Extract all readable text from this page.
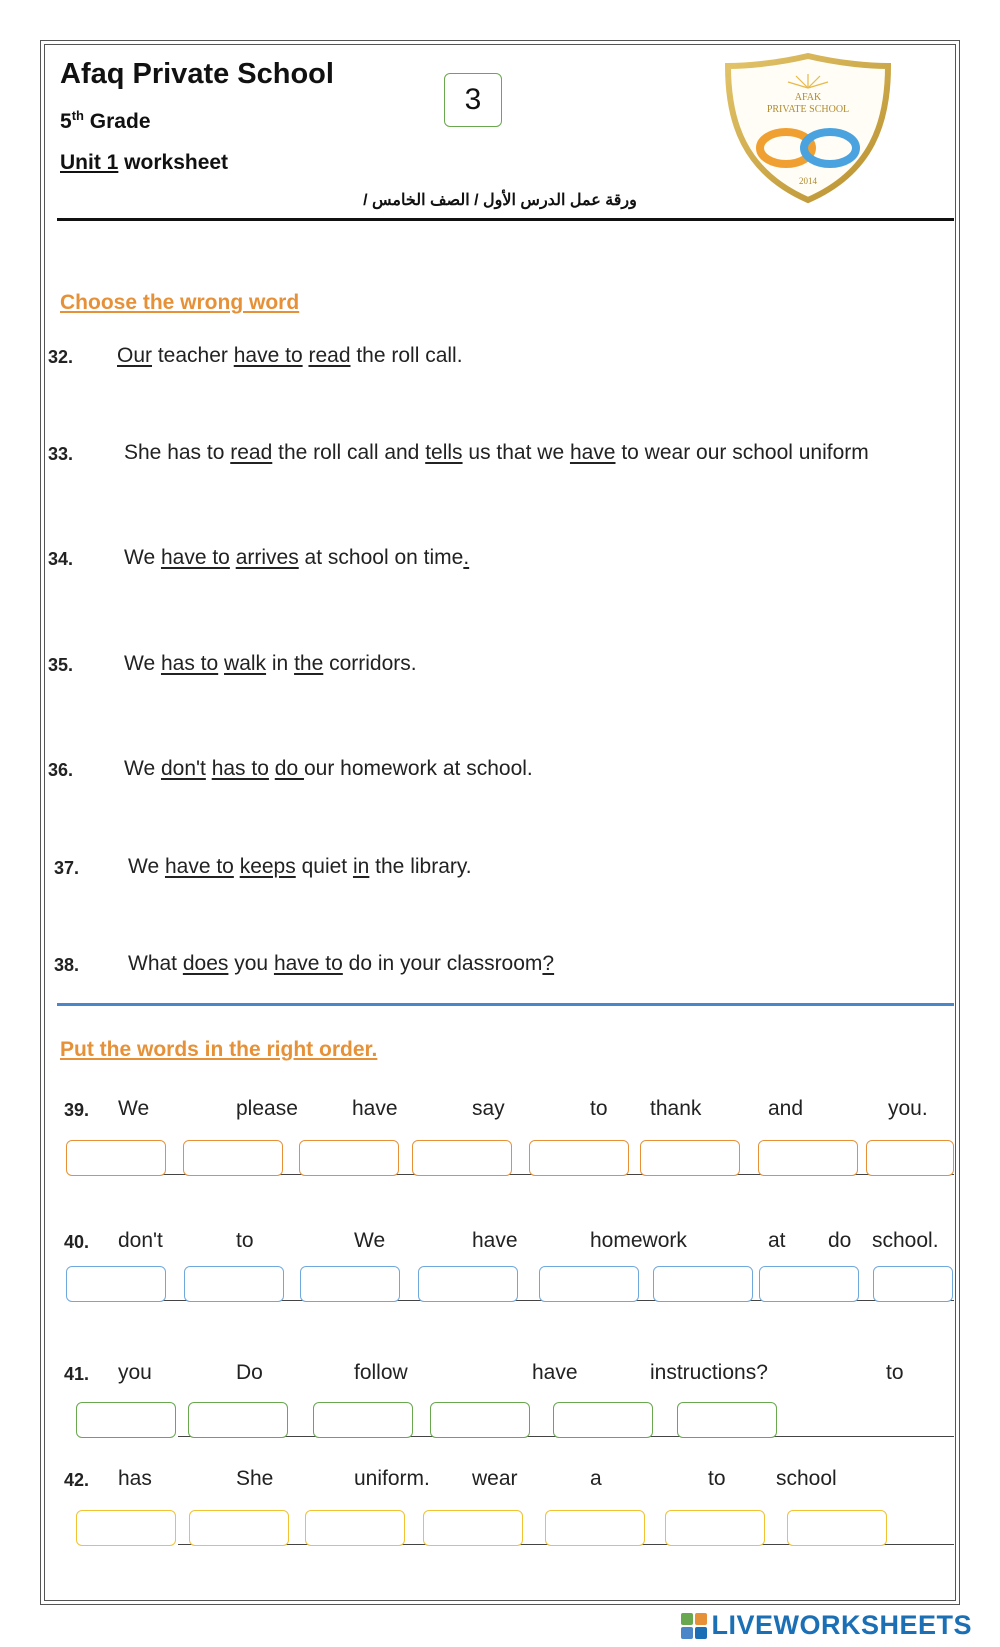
Afaq Private School
5th Grade
Unit 1 worksheet
3
ورقة عمل الدرس الأول / الصف الخامس /
AFAK
PRIVATE SCHOOL
2014
Choose the wrong word
32. Our teacher have to read the roll call.
33. She has to read the roll call and tells us that we have to wear our school uniform
34. We have to arrives at school on time.
35. We has to walk in the corridors.
36. We don't has to do our homework at school.
37. We have to keeps quiet in the library.
38. What does you have to do in your classroom?
Put the words in the right order.
39. We	please	have	say	to thank	and	you.
40. don't	to	We	have	homework	at do school.
41. you	Do	follow	have	instructions?	to
42. has	She	uniform. wear	a	to school
LIVEWORKSHEETS
